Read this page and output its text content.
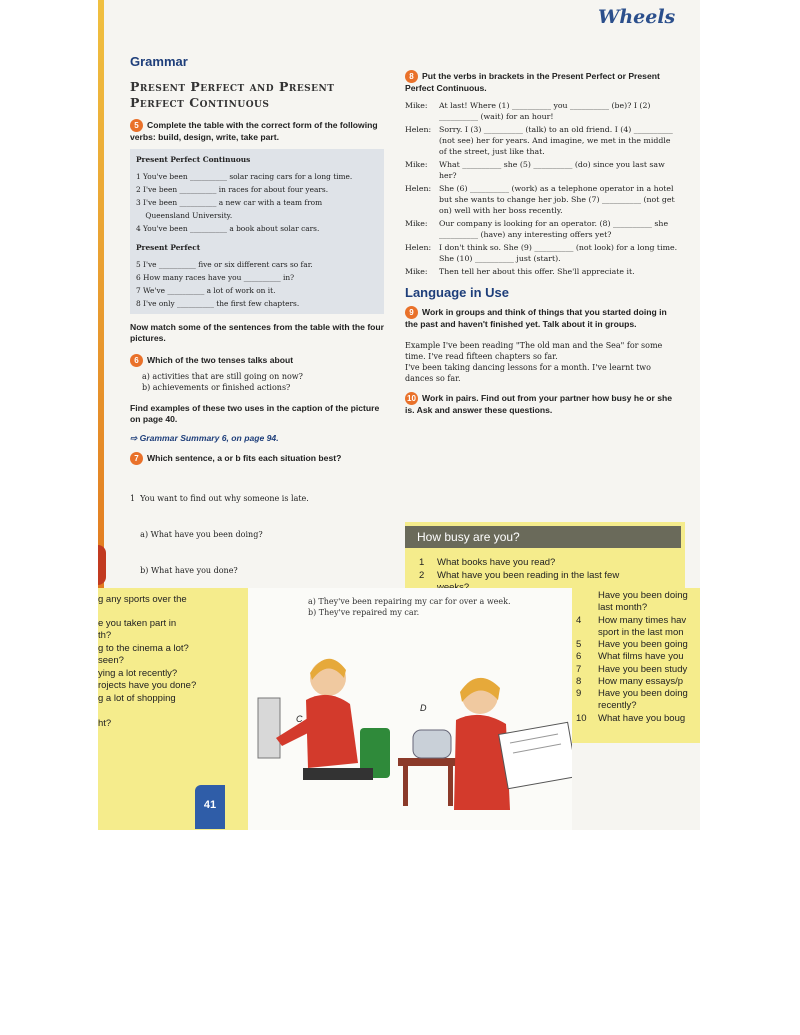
Wheels
Grammar
Present Perfect and Present
Perfect Continuous
5 Complete the table with the correct form of the following verbs: build, design, write, take part.
Present Perfect Continuous
1 You've been __________ solar racing cars for a long time.
2 I've been __________ in races for about four years.
3 I've been __________ a new car with a team from
Queensland University.
4 You've been __________ a book about solar cars.
Present Perfect
5 I've __________ five or six different cars so far.
6 How many races have you __________ in?
7 We've __________ a lot of work on it.
8 I've only __________ the first few chapters.
Now match some of the sentences from the table with the four pictures.
6 Which of the two tenses talks about
a) activities that are still going on now?
b) achievements or finished actions?
Find examples of these two uses in the caption of the picture on page 40.
⇨ Grammar Summary 6, on page 94.
7 Which sentence, a or b fits each situation best?

1  You want to find out why someone is late.

a) What have you been doing?

b) What have you done?

8 Put the verbs in brackets in the Present Perfect or Present Perfect Continuous.
Mike:	At last! Where (1) __________ you __________ (be)? I (2) __________ (wait) for an hour!
Helen:	Sorry. I (3) __________ (talk) to an old friend. I (4) __________ (not see) her for years. And imagine, we met in the middle of the street, just like that.
Mike:	What __________ she (5) __________ (do) since you last saw her?
Helen:	She (6) __________ (work) as a telephone operator in a hotel but she wants to change her job. She (7) __________ (not get on) well with her boss recently.
Mike:	Our company is looking for an operator. (8) __________ she __________ (have) any interesting offers yet?
Helen:	I don't think so. She (9) __________ (not look) for a long time. She (10) __________ just (start).
Mike:	Then tell her about this offer. She'll appreciate it.
Language in Use
9 Work in groups and think of things that you started doing in the past and haven't finished yet. Talk about it in groups.
Example I've been reading "The old man and the Sea" for some time. I've read fifteen chapters so far.
I've been taking dancing lessons for a month. I've learnt two dances so far.
10 Work in pairs. Find out from your partner how busy he or she is. Ask and answer these questions.
How busy are you?
1	What books have you read?
2	What have you been reading in the last few
g any sports over the
e you taken part in
th?
g to the cinema a lot?
seen?
ying a lot recently?
rojects have you done?
g a lot of shopping
ht?
a) They've been repairing my car for over a week.
b) They've repaired my car.
C
D
Have you been doing
last month?
4 How many times hav
sport in the last mon
5 Have you been going
6 What films have you
7 Have you been study
8 How many essays/p
9 Have you been doing
recently?
10 What have you boug
41
